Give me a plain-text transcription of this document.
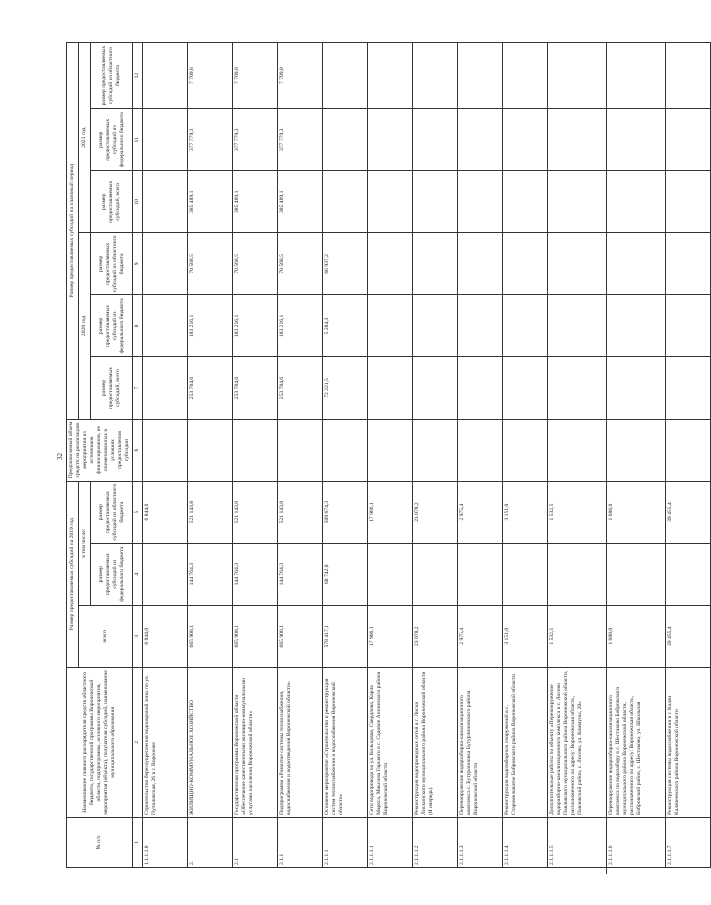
32
№ п/п	Наименование главного распорядителя средств областного бюджета, государственной программы Воронежской области, подпрограммы, основного мероприятия, мероприятия (объекта), получателя субсидий, наименование муниципального образования	Размер предоставляемых субсидий на 2019 год			Предполагаемый объем средств на реализацию мероприятия из источников финансирования, не поименованных в условиях предоставления субсидии	Размер предоставляемых субсидий на плановый период					
		всего	в том числе:			2020 год			2021 год		
			размер предоставляемых субсидий из федерального бюджета	размер предоставляемых субсидий из областного бюджета		размер предоставляемых субсидий, всего	размер предоставляемых субсидий из федерального бюджета	размер предоставляемых субсидий из областного бюджета	размер предоставляемых субсидий, всего	размер предоставляемых субсидий из федерального бюджета	размер предоставляемых субсидий из областного бюджета

1	2	3	4	5	6	7	8	9	10	11	12
1.1.1.1.8	Строительство берегоукрепления водоохраной зоны по ул. Путиловская, 26 в г. Воронеже	6 844,0		6 844,0							
2.	ЖИЛИЩНО-КОММУНАЛЬНОЕ ХОЗЯЙСТВО	665 908,1	144 764,3	521 143,8		253 784,6	183 216,1	70 568,5	385 489,1	377 779,3	7 709,8
2.1	Государственная программа Воронежской области «Обеспечение качественными жилищно-коммунальными услугами населения Воронежской области»	665 908,1	144 764,3	521 143,8		253 784,6	183 216,1	70 568,5	385 489,1	377 779,3	7 709,8
2.1.1	Подпрограмма «Развитие системы теплоснабжения, водоснабжения и водоотведения Воронежской области»	665 908,1	144 764,3	521 143,8		253 784,6	183 216,1	70 568,5	385 489,1	377 779,3	7 709,8
2.1.1.1	Основное мероприятие «Строительство и реконструкция систем теплоснабжения и водоснабжения Воронежской области»	578 417,1	68 742,8	509 674,3		72 221,5	5 284,3	66 937,2			
2.1.1.1.1	Сети водопровода по ул. Кольцовая, Свердлова, Карла Маркса, Максима Горького в с. Садовое Аннинского района Воронежской области	17 966,1		17 966,1							
2.1.1.1.2	Реконструкция водопроводных сетей в г. Лиски Лискинского муниципального района Воронежской области (II очередь)	23 078,2		23 078,2							
2.1.1.1.3	Перевооружение водоразборно-канализационного комплекса с. Бутурлиновка Бутурлиновского района Воронежской области	2 975,4		2 975,4							
2.1.1.1.4	Реконструкция водозаборных сооружений в с. Старомеловатое Бобровского района Воронежской области	3 151,0		3 151,0							
2.1.1.1.5	Дополнительные работы по объекту «Перевооружение водоразборно-канализационного комплекса в с. Лосево Павловского муниципального района Воронежской области, расположенного по адресу: Воронежская область, Павловский район, с. Лосево, ул. Коммуны, 20»	1 532,5		1 532,5							
2.1.1.1.6	Перевооружение водоразборно-канализационного комплекса по водозабору в с. Шестаково Бобровского муниципального района Воронежской области, расположенного по адресу: Воронежская область, Бобровский район, с. Шестаково, ул. Школьная	1 688,0		1 688,0							
2.1.1.1.7	Реконструкция системы водоснабжения в г. Калач Калачеевского района Воронежской области	39 455,4		39 455,4							
